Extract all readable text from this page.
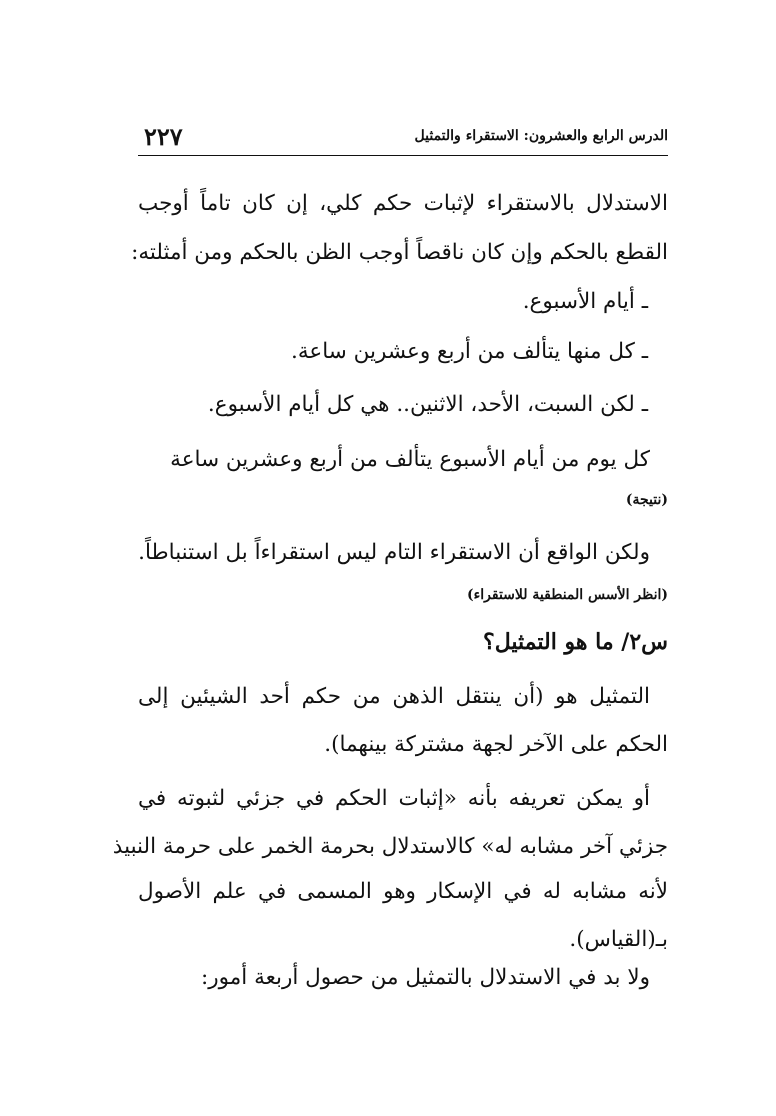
الدرس الرابع والعشرون: الاستقراء والتمثيل
٢٢٧
الاستدلال بالاستقراء لإثبات حكم كلي، إن كان تاماً أوجب
القطع بالحكم وإن كان ناقصاً أوجب الظن بالحكم ومن أمثلته:
ـ أيام الأسبوع.
ـ كل منها يتألف من أربع وعشرين ساعة.
ـ لكن السبت، الأحد، الاثنين.. هي كل أيام الأسبوع.
كل يوم من أيام الأسبوع يتألف من أربع وعشرين ساعة
(نتيجة)
ولكن الواقع أن الاستقراء التام ليس استقراءاً بل استنباطاً.
(انظر الأسس المنطقية للاستقراء)
س٢/ ما هو التمثيل؟
التمثيل هو (أن ينتقل الذهن من حكم أحد الشيئين إلى
الحكم على الآخر لجهة مشتركة بينهما).
أو يمكن تعريفه بأنه «إثبات الحكم في جزئي لثبوته في
جزئي آخر مشابه له» كالاستدلال بحرمة الخمر على حرمة النبيذ
لأنه مشابه له في الإسكار وهو المسمى في علم الأصول
بـ(القياس).
ولا بد في الاستدلال بالتمثيل من حصول أربعة أمور:
